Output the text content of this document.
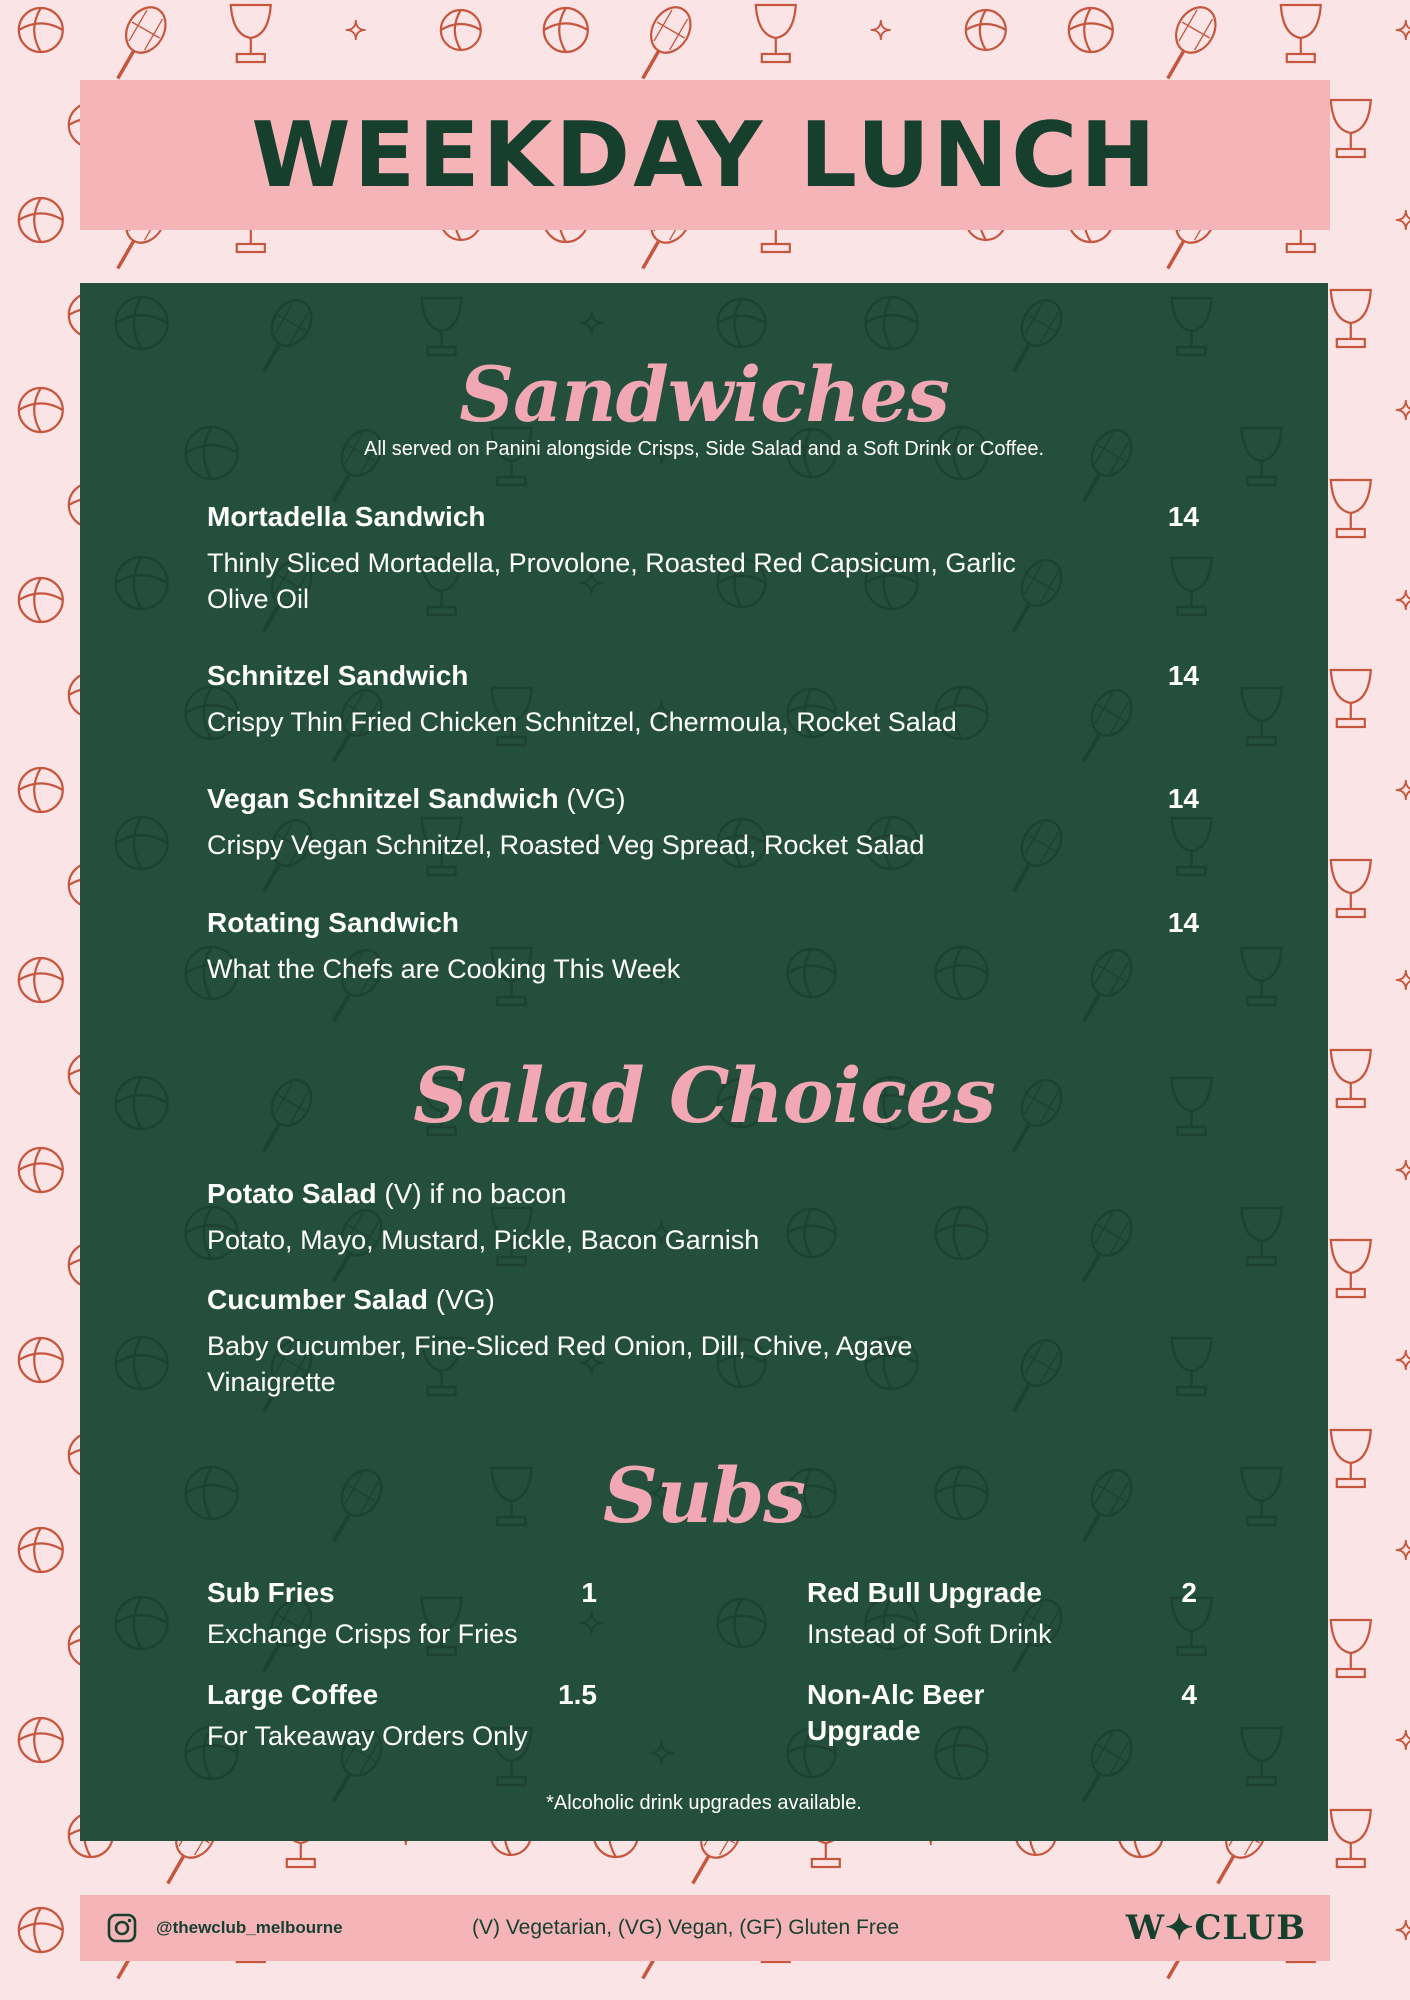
WEEKDAY LUNCH
Sandwiches
All served on Panini alongside Crisps, Side Salad and a Soft Drink or Coffee.
Mortadella Sandwich	14
Thinly Sliced Mortadella, Provolone, Roasted Red Capsicum, Garlic Olive Oil
Schnitzel Sandwich	14
Crispy Thin Fried Chicken Schnitzel, Chermoula, Rocket Salad
Vegan Schnitzel Sandwich (VG)	14
Crispy Vegan Schnitzel, Roasted Veg Spread, Rocket Salad
Rotating Sandwich	14
What the Chefs are Cooking This Week
Salad Choices
Potato Salad (V) if no bacon
Potato, Mayo, Mustard, Pickle, Bacon Garnish
Cucumber Salad (VG)
Baby Cucumber, Fine-Sliced Red Onion, Dill, Chive, Agave Vinaigrette
Subs
Sub Fries	1
Exchange Crisps for Fries
Red Bull Upgrade	2
Instead of Soft Drink
Large Coffee	1.5
For Takeaway Orders Only
Non-Alc Beer Upgrade
4
*Alcoholic drink upgrades available.
@thewclub_melbourne	(V) Vegetarian, (VG) Vegan, (GF) Gluten Free	W✦CLUB
